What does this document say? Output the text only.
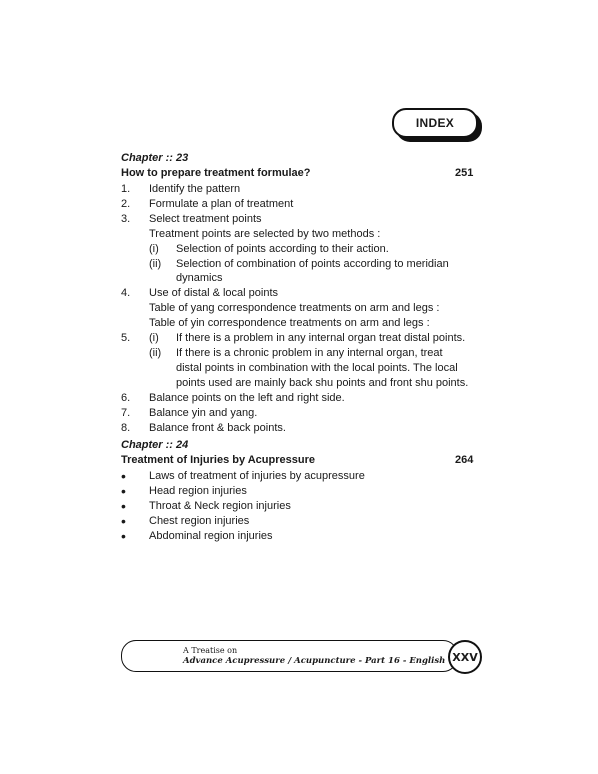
INDEX
Chapter :: 23
How to prepare treatment formulae?	251
1. Identify the pattern
2. Formulate a plan of treatment
3. Select treatment points
Treatment points are selected by two methods :
(i) Selection of points according to their action.
(ii) Selection of combination of points according to meridian
dynamics
4. Use of distal & local points
Table of yang correspondence treatments on arm and legs :
Table of yin correspondence treatments on arm and legs :
5. (i) If there is a problem in any internal organ treat distal points.
(ii) If there is a chronic problem in any internal organ, treat
distal points in combination with the local points. The local
points used are mainly back shu points and front shu points.
6. Balance points on the left and right side.
7. Balance yin and yang.
8. Balance front & back points.
Chapter :: 24
Treatment of Injuries by Acupressure	264
• Laws of treatment of injuries by acupressure
• Head region injuries
• Throat & Neck region injuries
• Chest region injuries
• Abdominal region injuries
A Treatise on
Advance Acupressure / Acupuncture - Part 16 - English XXV
